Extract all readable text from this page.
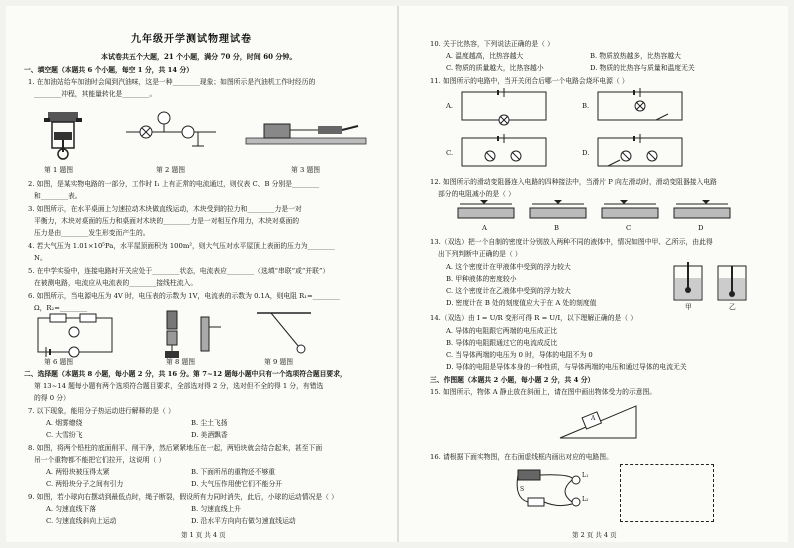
九年级开学测试物理试卷
本试卷共五个大题，21 个小题，满分 70 分，时间 60 分钟。
一、填空题（本题共 6 个小题，每空 1 分，共 14 分）
1. 在加油站给车加油时会闻到汽油味，这是一种________现象；如图所示是汽油机工作时经历的
________冲程，其能量转化是________。
第 1 题图	第 2 题图	第 3 题图
2. 如图，是某实物电路的一部分，工作时 I₁ 上有正常的电流通过，则仪表 C、B 分别是________
和________表。
3. 如图所示，在水平桌面上匀速拉动木块做直线运动，木块受到的拉力和________力是一对
平衡力，木块对桌面的压力和桌面对木块的________力是一对相互作用力，木块对桌面的
压力是由________发生形变而产生的。
4. 若大气压为 1.01×10⁵Pa，水平屋顶面积为 100m²，则大气压对水平屋顶上表面的压力为________
N。
5. 在中学实验中，连接电路时开关应处于________状态，电流表应________（选填“串联”或“并联”）
在被测电路，电流应从电流表的________接线柱流入。
6. 如图所示，当电源电压为 4V 时，电压表的示数为 1V，电流表的示数为 0.1A，则电阻 R₁=________
Ω，R₂=________
第 6 题图	第 8 题图	第 9 题图
二、选择题（本题共 8 小题，每小题 2 分，共 16 分。第 7~12 题每小题中只有一个选项符合题目要求，
第 13~14 题每小题有两个选项符合题目要求，全部选对得 2 分，选对但不全的得 1 分，有错选
的得 0 分）
7. 以下现象，能用分子热运动进行解释的是（ ）
A. 烟雾缭绕	B. 尘土飞扬
C. 大雪纷飞	D. 美酒飘香
8. 如图，将两个铅柱的底面削平、削干净，然后紧紧地压在一起，两铅块就会结合起来，甚至下面
吊一个重物都不能把它们拉开，这说明（ ）
A. 两铅块被压得太紧	B. 下面所吊的重物还不够重
C. 两铅块分子之间有引力	D. 大气压作用使它们不能分开
9. 如图，若小球向右摆动到最低点时，绳子断裂，假设所有力同时消失，此后，小球的运动情况是（ ）
A. 匀速直线下落	B. 匀速直线上升
C. 匀速直线斜向上运动	D. 沿水平方向向右做匀速直线运动
第 1 页 共 4 页
10. 关于比热容，下列说法正确的是（ ）
A. 温度越高，比热容越大	B. 物质放热越多，比热容越大
C. 物质的质量越大，比热容越小	D. 物质的比热容与质量和温度无关
11. 如图所示的电路中，当开关闭合后哪一个电路会烧坏电源（ ）
A.	B.
C.	D.
12. 如图所示的滑动变阻器连入电路的四种接法中，当滑片 P 向左滑动时，滑动变阻器接入电路
部分的电阻减小的是（ ）
A	B	C	D
13.（双选）把一个自制的密度计分别放入两种不同的液体中，情况如图中甲、乙所示，由此得
出下列判断中正确的是（ ）
A. 这个密度计在甲液体中受到的浮力较大
B. 甲种液体的密度较小
C. 这个密度计在乙液体中受到的浮力较大
D. 密度计在 B 处的刻度值应大于在 A 处的刻度值	甲	乙
14.（双选）由 I = U/R 变形可得 R = U/I，以下理解正确的是（ ）
A. 导体的电阻跟它两端的电压成正比
B. 导体的电阻跟通过它的电流成反比
C. 当导体两端的电压为 0 时，导体的电阻不为 0
D. 导体的电阻是导体本身的一种性质，与导体两端的电压和通过导体的电流无关
三、作图题（本题共 2 小题，每小题 2 分，共 4 分）
15. 如图所示，物体 A 静止放在斜面上，请在图中画出物体受力的示意图。
A
16. 请根据下面实物图，在右面虚线框内画出对应的电路图。
L₁
L₂
S
第 2 页 共 4 页
